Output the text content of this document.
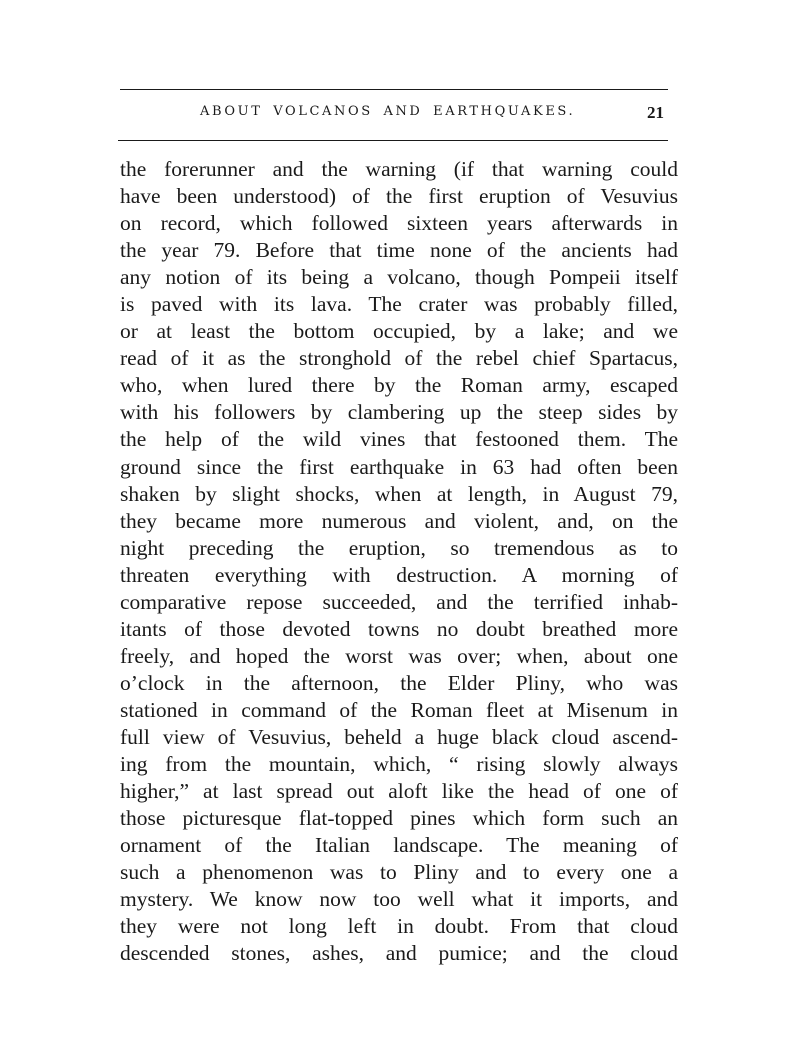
ABOUT VOLCANOS AND EARTHQUAKES.	21
the forerunner and the warning (if that warning could
have been understood) of the first eruption of Vesuvius
on record, which followed sixteen years afterwards in
the year 79. Before that time none of the ancients had
any notion of its being a volcano, though Pompeii itself
is paved with its lava. The crater was probably filled,
or at least the bottom occupied, by a lake; and we
read of it as the stronghold of the rebel chief Spartacus,
who, when lured there by the Roman army, escaped
with his followers by clambering up the steep sides by
the help of the wild vines that festooned them. The
ground since the first earthquake in 63 had often been
shaken by slight shocks, when at length, in August 79,
they became more numerous and violent, and, on the
night preceding the eruption, so tremendous as to
threaten everything with destruction. A morning of
comparative repose succeeded, and the terrified inhab-
itants of those devoted towns no doubt breathed more
freely, and hoped the worst was over; when, about one
o’clock in the afternoon, the Elder Pliny, who was
stationed in command of the Roman fleet at Misenum in
full view of Vesuvius, beheld a huge black cloud ascend-
ing from the mountain, which, “ rising slowly always
higher,” at last spread out aloft like the head of one of
those picturesque flat-topped pines which form such an
ornament of the Italian landscape. The meaning of
such a phenomenon was to Pliny and to every one a
mystery. We know now too well what it imports, and
they were not long left in doubt. From that cloud
descended stones, ashes, and pumice; and the cloud
